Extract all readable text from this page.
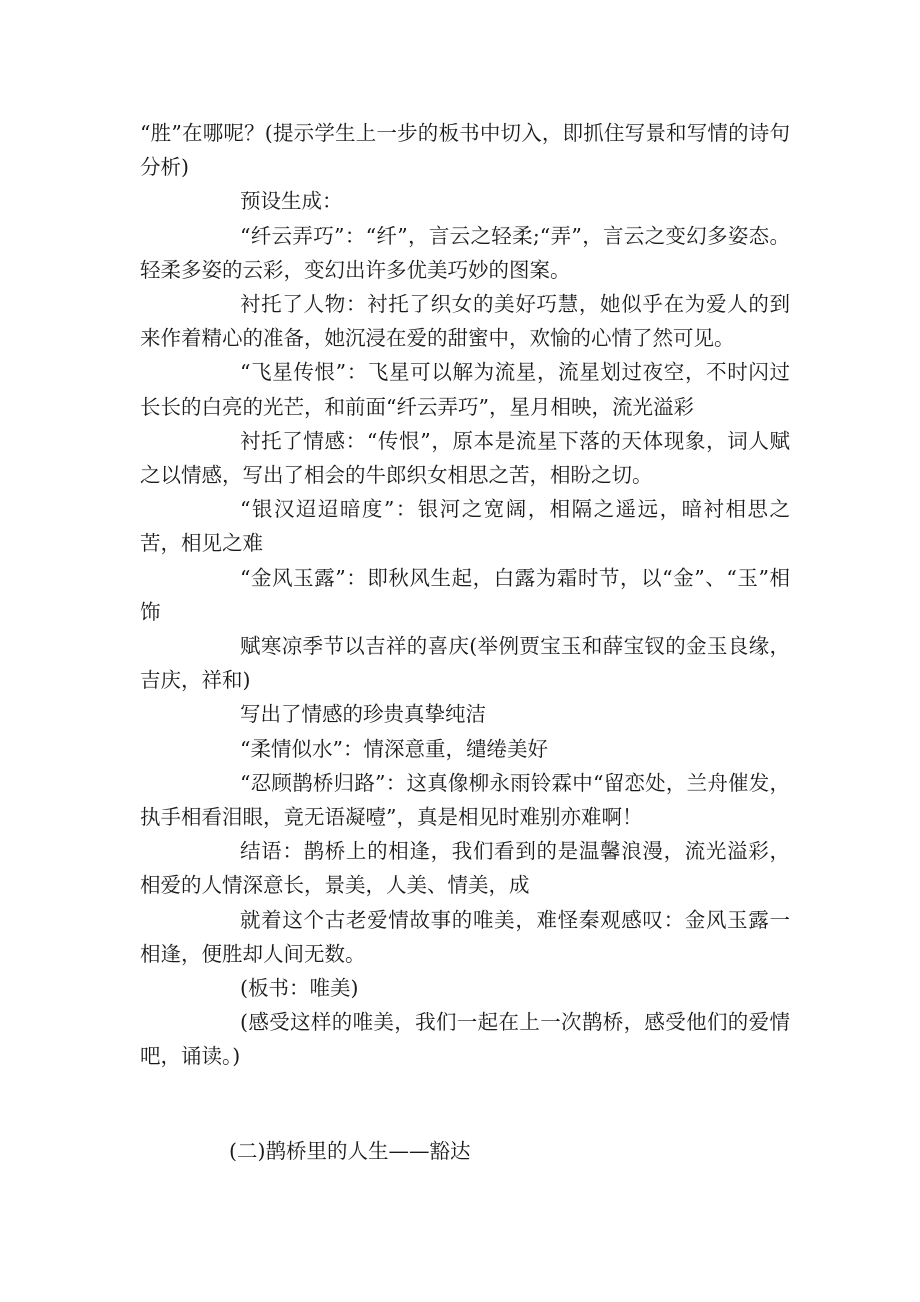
“胜”在哪呢？(提示学生上一步的板书中切入，即抓住写景和写情的诗句分析)

预设生成：

“纤云弄巧”：“纤”，言云之轻柔;“弄”，言云之变幻多姿态。轻柔多姿的云彩，变幻出许多优美巧妙的图案。

衬托了人物：衬托了织女的美好巧慧，她似乎在为爱人的到来作着精心的准备，她沉浸在爱的甜蜜中，欢愉的心情了然可见。

“飞星传恨”：飞星可以解为流星，流星划过夜空，不时闪过长长的白亮的光芒，和前面“纤云弄巧”，星月相映，流光溢彩

衬托了情感：“传恨”，原本是流星下落的天体现象，词人赋之以情感，写出了相会的牛郎织女相思之苦，相盼之切。

“银汉迢迢暗度”：银河之宽阔，相隔之遥远，暗衬相思之苦，相见之难

“金风玉露”：即秋风生起，白露为霜时节，以“金”、“玉”相饰

赋寒凉季节以吉祥的喜庆(举例贾宝玉和薛宝钗的金玉良缘，吉庆，祥和)

写出了情感的珍贵真挚纯洁

“柔情似水”：情深意重，缱绻美好

“忍顾鹊桥归路”：这真像柳永雨铃霖中“留恋处，兰舟催发，执手相看泪眼，竟无语凝噎”，真是相见时难别亦难啊！

结语：鹊桥上的相逢，我们看到的是温馨浪漫，流光溢彩，相爱的人情深意长，景美，人美、情美，成

就着这个古老爱情故事的唯美，难怪秦观感叹：金风玉露一相逢，便胜却人间无数。

(板书：唯美)

(感受这样的唯美，我们一起在上一次鹊桥，感受他们的爱情吧，诵读。)

(二)鹊桥里的人生——豁达
